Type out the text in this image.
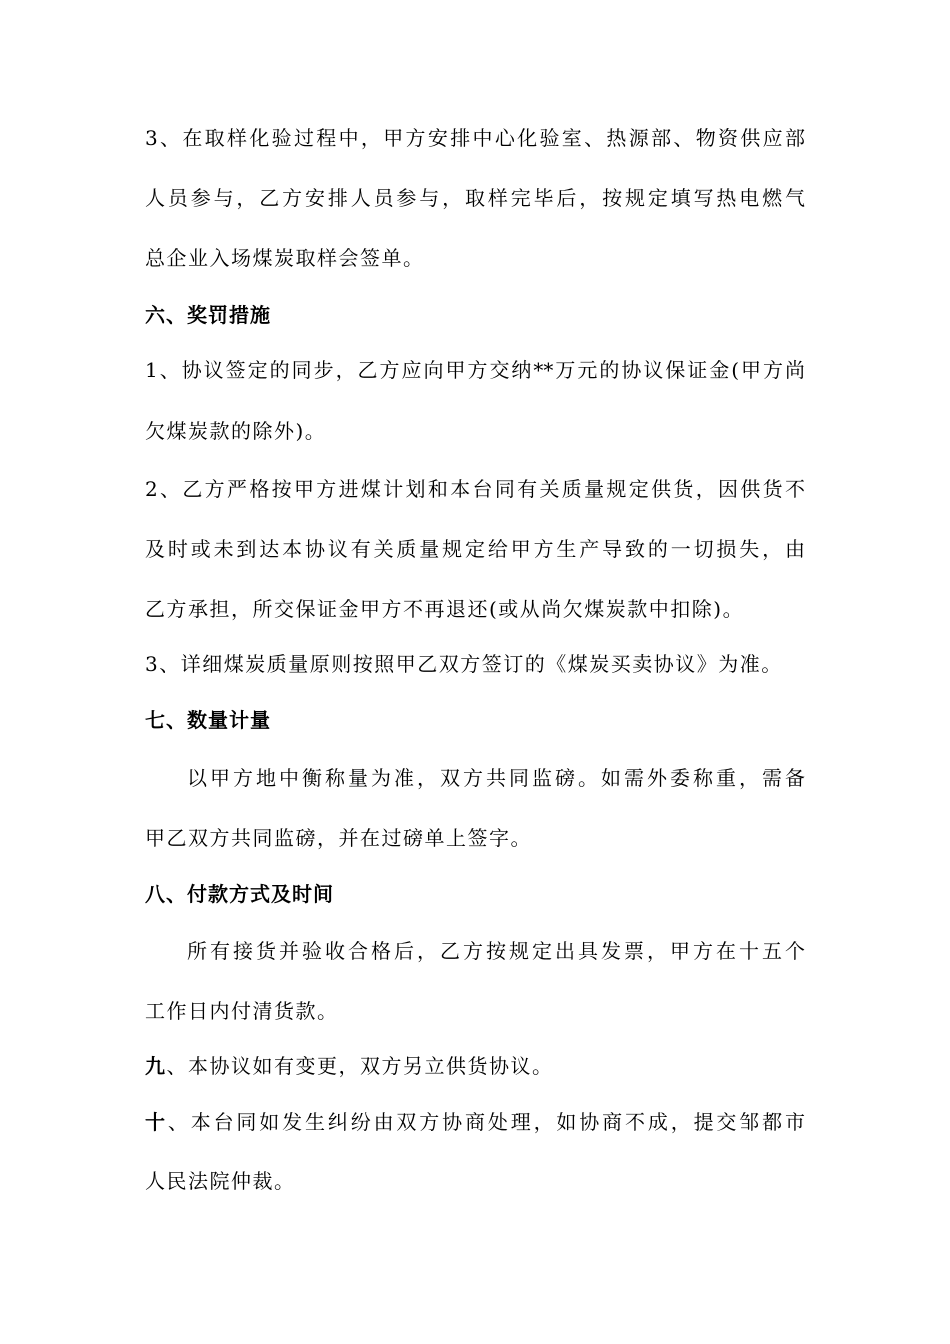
3、在取样化验过程中，甲方安排中心化验室、热源部、物资供应部
人员参与，乙方安排人员参与，取样完毕后，按规定填写热电燃气
总企业入场煤炭取样会签单。
六、奖罚措施
1、协议签定的同步，乙方应向甲方交纳**万元的协议保证金(甲方尚
欠煤炭款的除外)。
2、乙方严格按甲方进煤计划和本台同有关质量规定供货，因供货不
及时或未到达本协议有关质量规定给甲方生产导致的一切损失，由
乙方承担，所交保证金甲方不再退还(或从尚欠煤炭款中扣除)。
3、详细煤炭质量原则按照甲乙双方签订的《煤炭买卖协议》为准。
七、数量计量
以甲方地中衡称量为准，双方共同监磅。如需外委称重，需备
甲乙双方共同监磅，并在过磅单上签字。
八、付款方式及时间
所有接货并验收合格后，乙方按规定出具发票，甲方在十五个
工作日内付清货款。
九、本协议如有变更，双方另立供货协议。
十、本台同如发生纠纷由双方协商处理，如协商不成，提交邹都市
人民法院仲裁。
